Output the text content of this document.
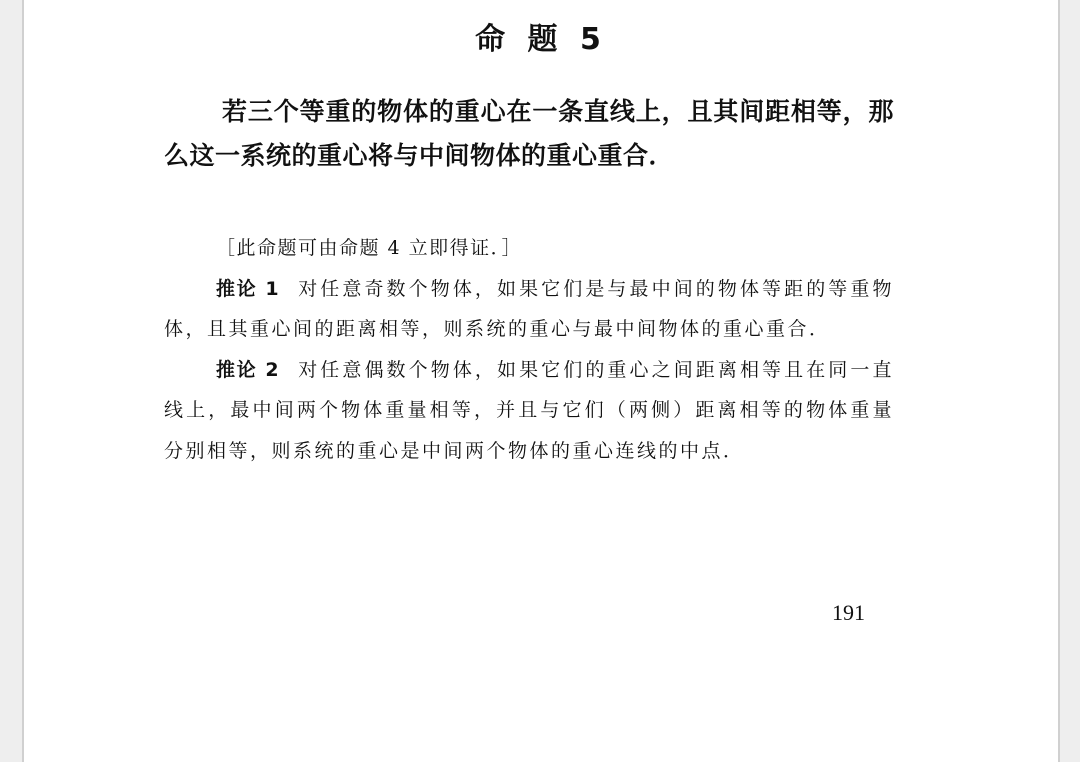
命 题 5
若三个等重的物体的重心在一条直线上，且其间距相等，那么这一系统的重心将与中间物体的重心重合．

［此命题可由命题 4 立即得证．］

推论 1 对任意奇数个物体，如果它们是与最中间的物体等距的等重物体，且其重心间的距离相等，则系统的重心与最中间物体的重心重合．

推论 2 对任意偶数个物体，如果它们的重心之间距离相等且在同一直线上，最中间两个物体重量相等，并且与它们（两侧）距离相等的物体重量分别相等，则系统的重心是中间两个物体的重心连线的中点．

191
